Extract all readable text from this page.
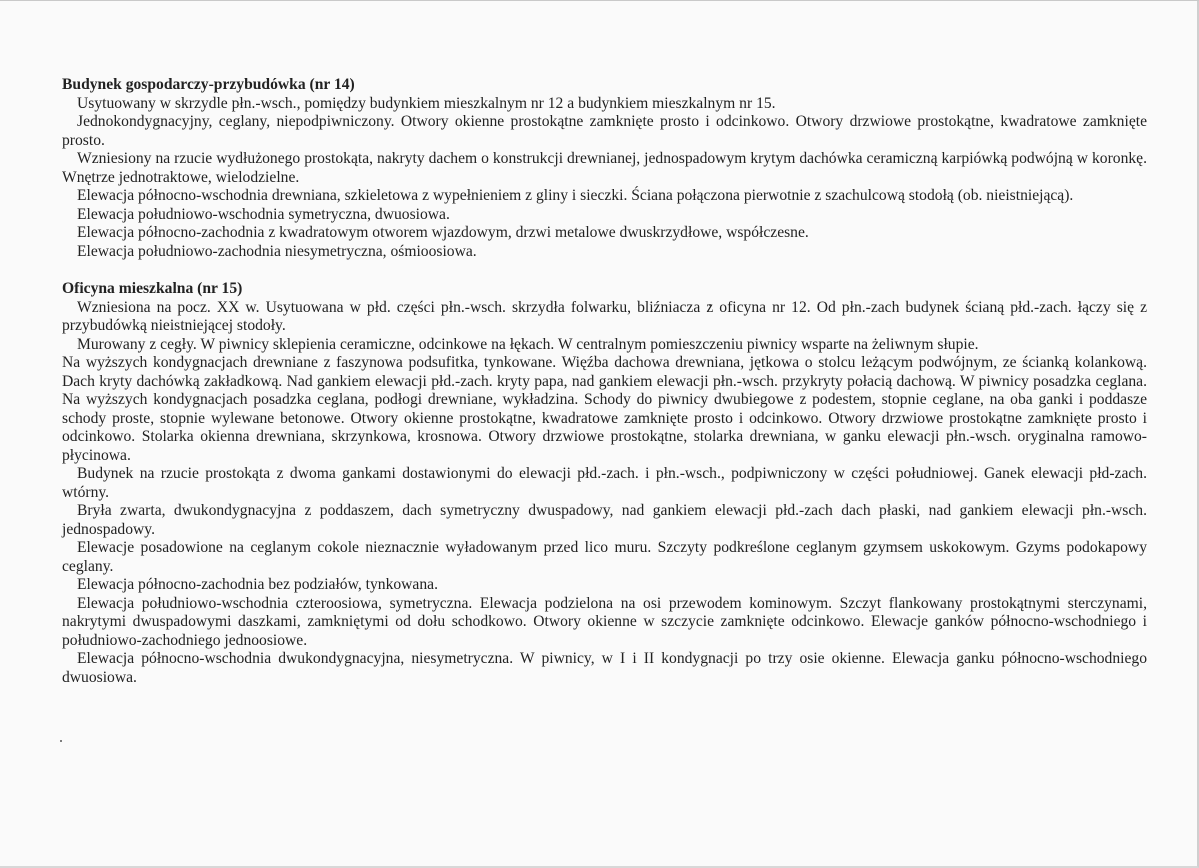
Budynek gospodarczy-przybudówka (nr 14)

Usytuowany w skrzydle płn.-wsch., pomiędzy budynkiem mieszkalnym nr 12 a budynkiem mieszkalnym nr 15.

Jednokondygnacyjny, ceglany, niepodpiwniczony. Otwory okienne prostokątne zamknięte prosto i odcinkowo. Otwory drzwiowe prostokątne, kwadratowe zamknięte prosto.

Wzniesiony na rzucie wydłużonego prostokąta, nakryty dachem o konstrukcji drewnianej, jednospadowym krytym dachówka ceramiczną karpiówką podwójną w koronkę. Wnętrze jednotraktowe, wielodzielne.

Elewacja północno-wschodnia drewniana, szkieletowa z wypełnieniem z gliny i sieczki. Ściana połączona pierwotnie z szachulcową stodołą (ob. nieistniejącą).

Elewacja południowo-wschodnia symetryczna, dwuosiowa.

Elewacja północno-zachodnia z kwadratowym otworem wjazdowym, drzwi metalowe dwuskrzydłowe, współczesne.

Elewacja południowo-zachodnia niesymetryczna, ośmioosiowa.

Oficyna mieszkalna (nr 15)

Wzniesiona na pocz. XX w. Usytuowana w płd. części płn.-wsch. skrzydła folwarku, bliźniacza z oficyna nr 12. Od płn.-zach budynek ścianą płd.-zach. łączy się z przybudówką nieistniejącej stodoły.

Murowany z cegły. W piwnicy sklepienia ceramiczne, odcinkowe na łękach. W centralnym pomieszczeniu piwnicy wsparte na żeliwnym słupie.

Na wyższych kondygnacjach drewniane z faszynowa podsufitka, tynkowane. Więźba dachowa drewniana, jętkowa o stolcu leżącym podwójnym, ze ścianką kolankową. Dach kryty dachówką zakładkową. Nad gankiem elewacji płd.-zach. kryty papa, nad gankiem elewacji płn.-wsch. przykryty połacią dachową. W piwnicy posadzka ceglana. Na wyższych kondygnacjach posadzka ceglana, podłogi drewniane, wykładzina. Schody do piwnicy dwubiegowe z podestem, stopnie ceglane, na oba ganki i poddasze schody proste, stopnie wylewane betonowe. Otwory okienne prostokątne, kwadratowe zamknięte prosto i odcinkowo. Otwory drzwiowe prostokątne zamknięte prosto i odcinkowo. Stolarka okienna drewniana, skrzynkowa, krosnowa. Otwory drzwiowe prostokątne, stolarka drewniana, w ganku elewacji płn.-wsch. oryginalna ramowo-płycinowa.

Budynek na rzucie prostokąta z dwoma gankami dostawionymi do elewacji płd.-zach. i płn.-wsch., podpiwniczony w części południowej. Ganek elewacji płd-zach. wtórny.

Bryła zwarta, dwukondygnacyjna z poddaszem, dach symetryczny dwuspadowy, nad gankiem elewacji płd.-zach dach płaski, nad gankiem elewacji płn.-wsch. jednospadowy.

Elewacje posadowione na ceglanym cokole nieznacznie wyładowanym przed lico muru. Szczyty podkreślone ceglanym gzymsem uskokowym. Gzyms podokapowy ceglany.

Elewacja północno-zachodnia bez podziałów, tynkowana.

Elewacja południowo-wschodnia czteroosiowa, symetryczna. Elewacja podzielona na osi przewodem kominowym. Szczyt flankowany prostokątnymi sterczynami, nakrytymi dwuspadowymi daszkami, zamkniętymi od dołu schodkowo. Otwory okienne w szczycie zamknięte odcinkowo. Elewacje ganków północno-wschodniego i południowo-zachodniego jednoosiowe.

Elewacja północno-wschodnia dwukondygnacyjna, niesymetryczna. W piwnicy, w I i II kondygnacji po trzy osie okienne. Elewacja ganku północno-wschodniego dwuosiowa.
